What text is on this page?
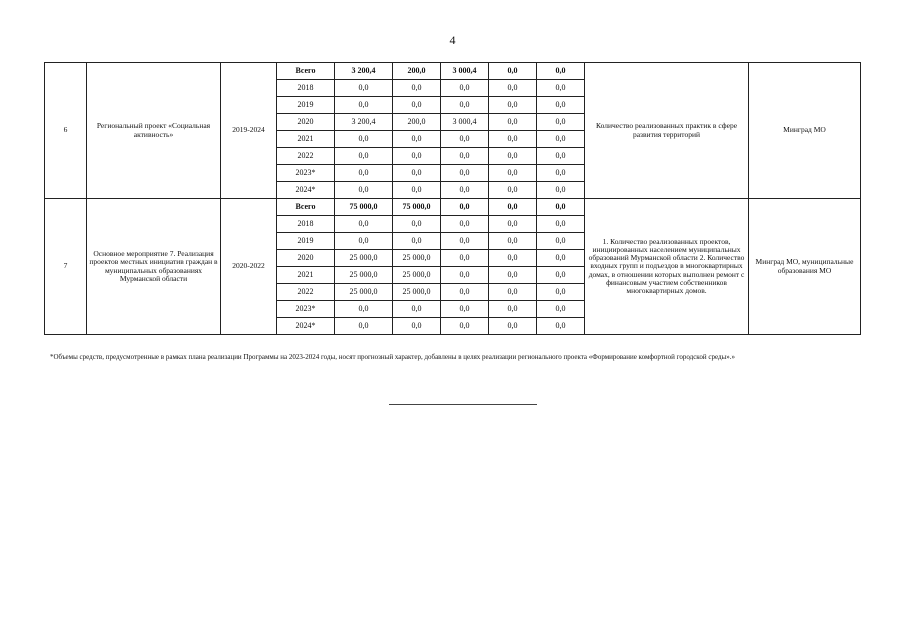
4
6	Региональный проект «Социальная активность»	2019-2024	Всего	3 200,4	200,0	3 000,4	0,0	0,0	Количество реализованных практик в сфере развития территорий	Минград МО
			2018	0,0	0,0	0,0	0,0	0,0		
			2019	0,0	0,0	0,0	0,0	0,0		
			2020	3 200,4	200,0	3 000,4	0,0	0,0		
			2021	0,0	0,0	0,0	0,0	0,0		
			2022	0,0	0,0	0,0	0,0	0,0		
			2023*	0,0	0,0	0,0	0,0	0,0		
			2024*	0,0	0,0	0,0	0,0	0,0		
7	Основное мероприятие 7. Реализация проектов местных инициатив граждан в муниципальных образованиях Мурманской области	2020-2022	Всего	75 000,0	75 000,0	0,0	0,0	0,0	1. Количество реализованных проектов, инициированных населением муниципальных образований Мурманской области 2. Количество входных групп и подъездов в многоквартирных домах, в отношении которых выполнен ремонт с финансовым участием собственников многоквартирных домов.	Минград МО, муниципальные образования МО
			2018	0,0	0,0	0,0	0,0	0,0		
			2019	0,0	0,0	0,0	0,0	0,0		
			2020	25 000,0	25 000,0	0,0	0,0	0,0		
			2021	25 000,0	25 000,0	0,0	0,0	0,0		
			2022	25 000,0	25 000,0	0,0	0,0	0,0		
			2023*	0,0	0,0	0,0	0,0	0,0		
			2024*	0,0	0,0	0,0	0,0	0,0		
*Объемы средств, предусмотренные в рамках плана реализации Программы на 2023-2024 годы, носят прогнозный характер, добавлены в целях реализации регионального проекта «Формирование комфортной городской среды».»
